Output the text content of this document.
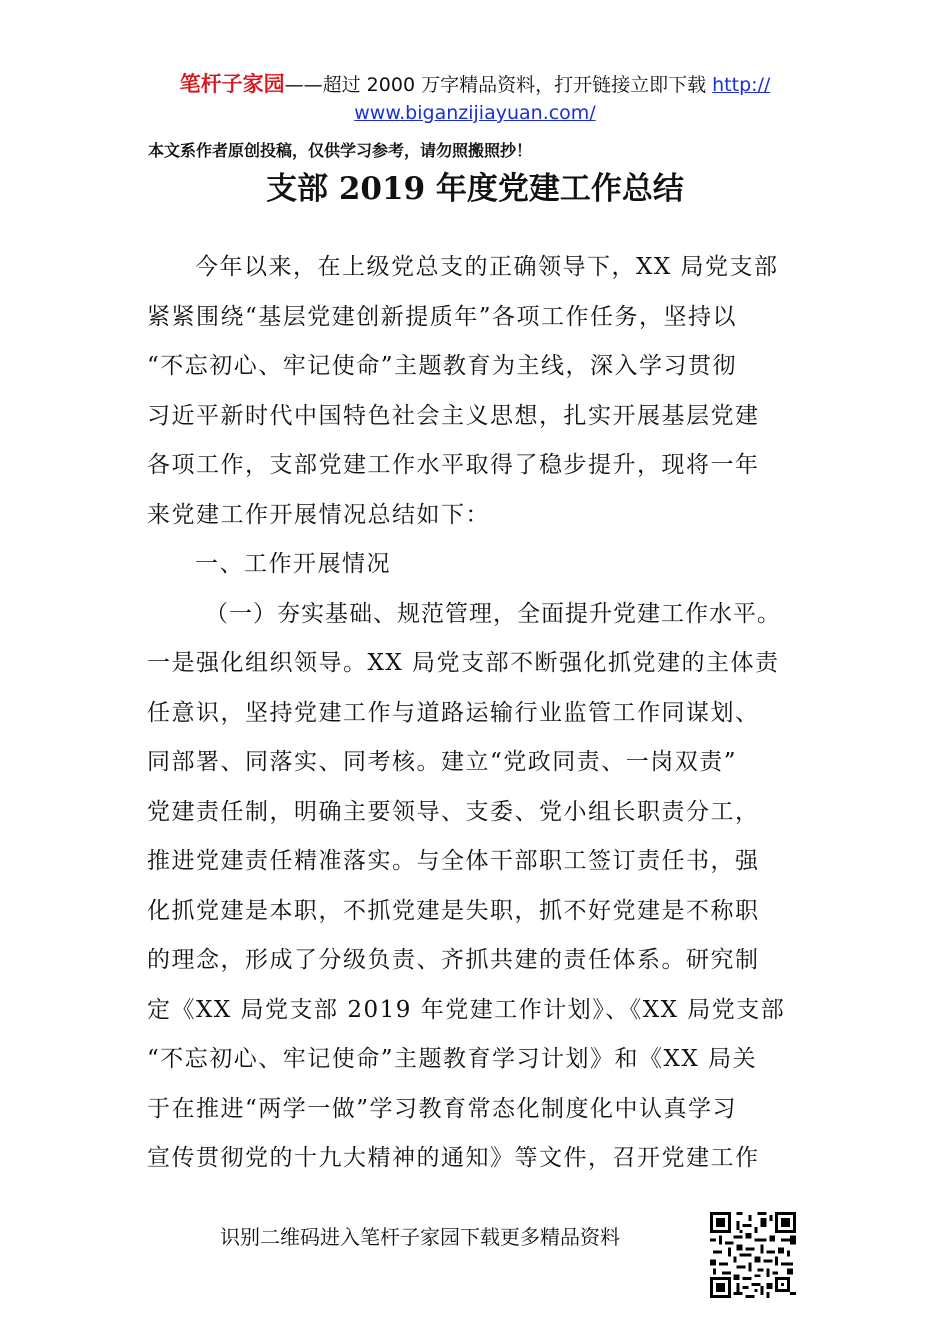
笔杆子家园——超过 2000 万字精品资料，打开链接立即下载 http://
www.biganzijiayuan.com/
本文系作者原创投稿，仅供学习参考，请勿照搬照抄！
支部 2019 年度党建工作总结
今年以来，在上级党总支的正确领导下，XX 局党支部
紧紧围绕“基层党建创新提质年”各项工作任务，坚持以
“不忘初心、牢记使命”主题教育为主线，深入学习贯彻
习近平新时代中国特色社会主义思想，扎实开展基层党建
各项工作，支部党建工作水平取得了稳步提升，现将一年
来党建工作开展情况总结如下：
一、工作开展情况
（一）夯实基础、规范管理，全面提升党建工作水平。
一是强化组织领导。XX 局党支部不断强化抓党建的主体责
任意识，坚持党建工作与道路运输行业监管工作同谋划、
同部署、同落实、同考核。建立“党政同责、一岗双责”
党建责任制，明确主要领导、支委、党小组长职责分工，
推进党建责任精准落实。与全体干部职工签订责任书，强
化抓党建是本职，不抓党建是失职，抓不好党建是不称职
的理念，形成了分级负责、齐抓共建的责任体系。研究制
定《XX 局党支部 2019 年党建工作计划》、《XX 局党支部
“不忘初心、牢记使命”主题教育学习计划》和《XX 局关
于在推进“两学一做”学习教育常态化制度化中认真学习
宣传贯彻党的十九大精神的通知》等文件，召开党建工作
识别二维码进入笔杆子家园下载更多精品资料
